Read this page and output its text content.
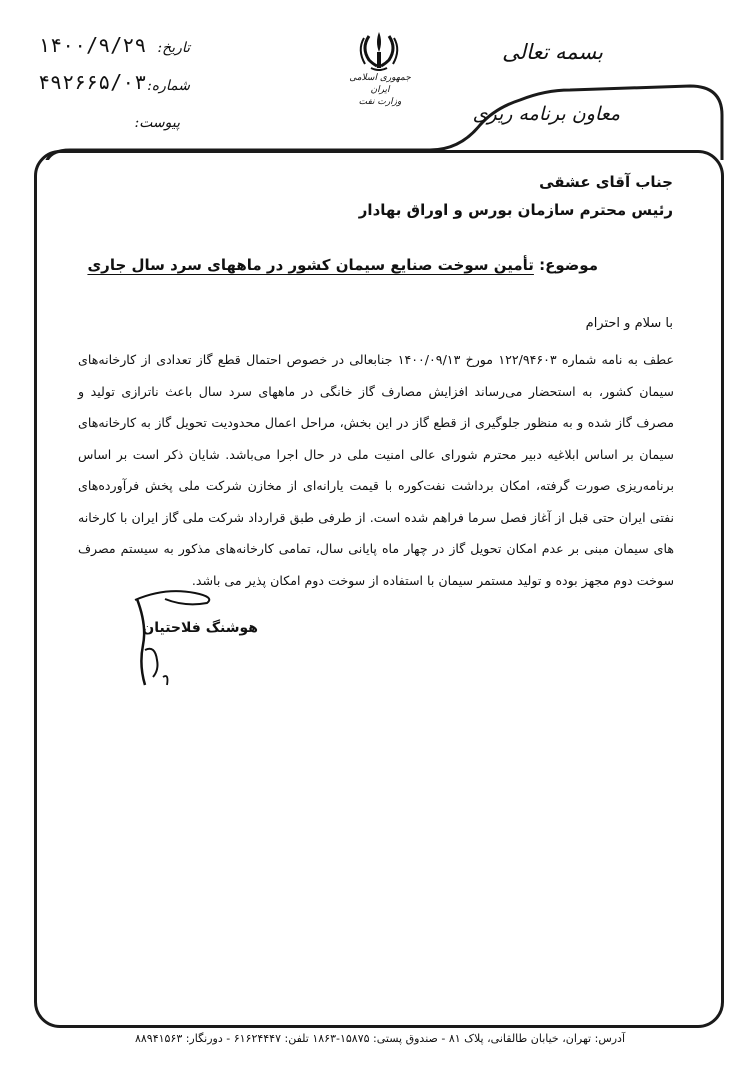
بسمه تعالی
معاون برنامه ریزی
جمهوری اسلامی ایران
وزارت نفت
۱۴۰۰/۹/۲۹ تاریخ:
۴۹۲۶۶۵/۰۳ شماره:
پیوست:
جناب آقای عشقی
رئیس محترم سازمان بورس و اوراق بهادار
موضوع: تأمین سوخت صنایع سیمان کشور در ماههای سرد سال جاری
با سلام و احترام
عطف به نامه شماره ۱۲۲/۹۴۶۰۳ مورخ ۱۴۰۰/۰۹/۱۳ جنابعالی در خصوص احتمال قطع گاز تعدادی از کارخانه‌های سیمان کشور، به استحضار می‌رساند افزایش مصارف گاز خانگی در ماههای سرد سال باعث ناترازی تولید و مصرف گاز شده و به منظور جلوگیری از قطع گاز در این بخش، مراحل اعمال محدودیت تحویل گاز به کارخانه‌های سیمان بر اساس ابلاغیه دبیر محترم شورای عالی امنیت ملی در حال اجرا می‌باشد. شایان ذکر است بر اساس برنامه‌ریزی صورت گرفته، امکان برداشت نفت‌کوره با قیمت یارانه‌ای از مخازن شرکت ملی پخش فرآورده‌های نفتی ایران حتی قبل از آغاز فصل سرما فراهم شده است. از طرفی طبق قرارداد شرکت ملی گاز ایران با کارخانه های سیمان مبنی بر عدم امکان تحویل گاز در چهار ماه پایانی سال، تمامی کارخانه‌های مذکور به سیستم مصرف سوخت دوم مجهز بوده و تولید مستمر سیمان با استفاده از سوخت دوم امکان پذیر می باشد.
هوشنگ فلاحتیان
آدرس: تهران، خیابان طالقانی، پلاک ۸۱ - صندوق پستی: ۱۵۸۷۵-۱۸۶۳ تلفن: ۶۱۶۲۴۴۴۷ - دورنگار: ۸۸۹۴۱۵۶۳
